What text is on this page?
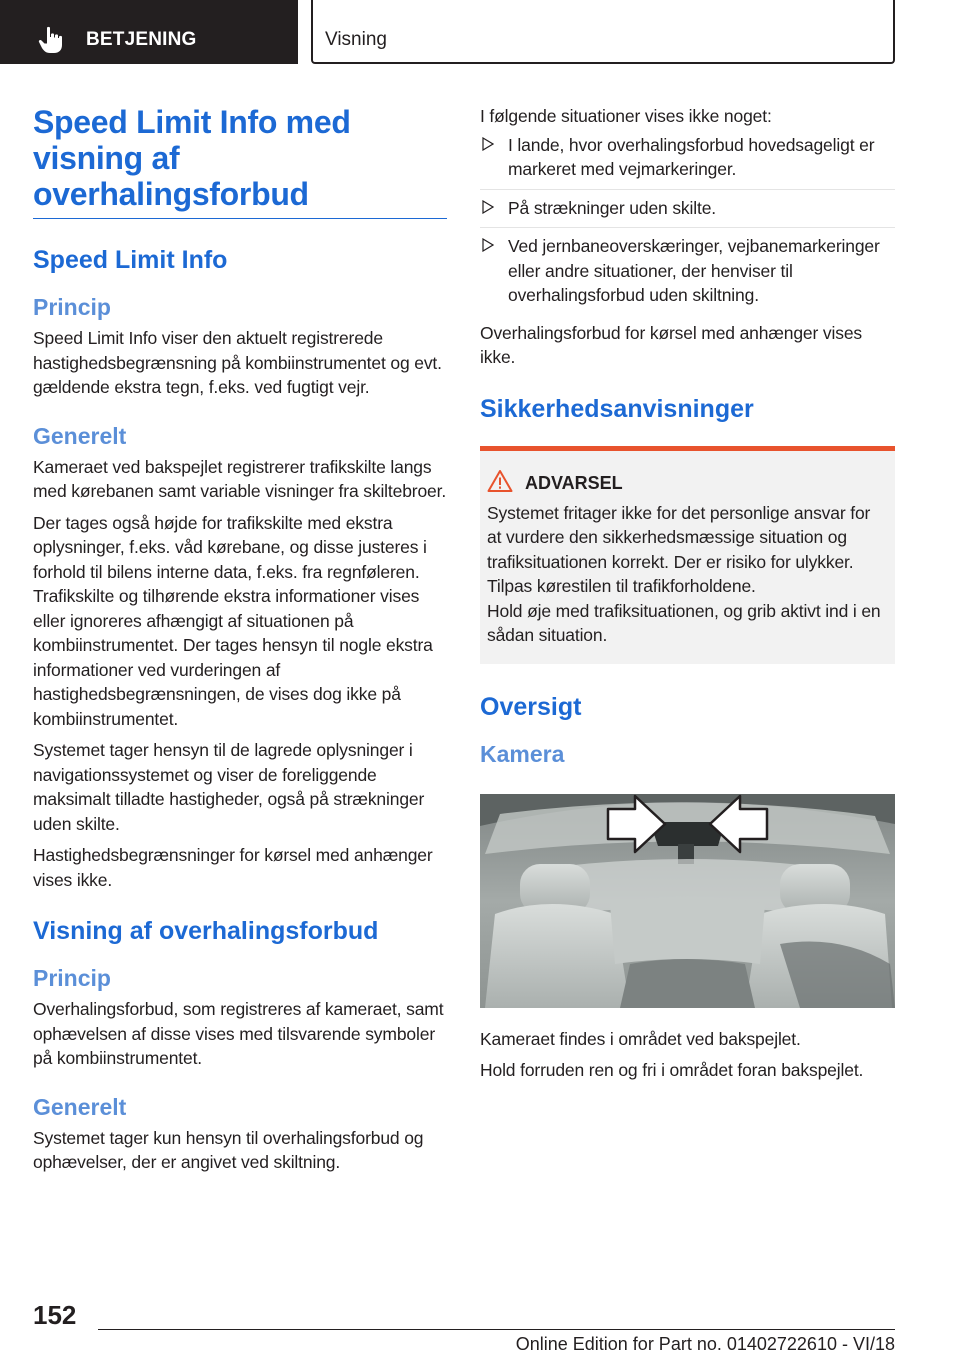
BETJENING	Visning
Speed Limit Info med visning af overhalingsforbud
Speed Limit Info
Princip

Speed Limit Info viser den aktuelt registrerede hastighedsbegrænsning på kombiinstrumentet og evt. gældende ekstra tegn, f.eks. ved fugtigt vejr.

Generelt

Kameraet ved bakspejlet registrerer trafikskilte langs med kørebanen samt variable visninger fra skiltebroer.

Der tages også højde for trafikskilte med ekstra oplysninger, f.eks. våd kørebane, og disse justeres i forhold til bilens interne data, f.eks. fra regnføleren. Trafikskilte og tilhørende ekstra informationer vises eller ignoreres afhængigt af situationen på kombiinstrumentet. Der tages hensyn til nogle ekstra informationer ved vurderingen af hastighedsbegrænsningen, de vises dog ikke på kombiinstrumentet.

Systemet tager hensyn til de lagrede oplysninger i navigationssystemet og viser de foreliggende maksimalt tilladte hastigheder, også på strækninger uden skilte.

Hastighedsbegrænsninger for kørsel med anhænger vises ikke.

Visning af overhalingsforbud
Princip

Overhalingsforbud, som registreres af kameraet, samt ophævelsen af disse vises med tilsvarende symboler på kombiinstrumentet.

Generelt

Systemet tager kun hensyn til overhalingsforbud og ophævelser, der er angivet ved skiltning.

I følgende situationer vises ikke noget:

I lande, hvor overhalingsforbud hovedsageligt er markeret med vejmarkeringer.
På strækninger uden skilte.
Ved jernbaneoverskæringer, vejbanemarkeringer eller andre situationer, der henviser til overhalingsforbud uden skiltning.

Overhalingsforbud for kørsel med anhænger vises ikke.

Sikkerhedsanvisninger
ADVARSEL

Systemet fritager ikke for det personlige ansvar for at vurdere den sikkerhedsmæssige situation og trafiksituationen korrekt. Der er risiko for ulykker. Tilpas kørestilen til trafikforholdene.

Hold øje med trafiksituationen, og grib aktivt ind i en sådan situation.

Oversigt
Kamera

Kameraet findes i området ved bakspejlet.

Hold forruden ren og fri i området foran bakspejlet.

152
Online Edition for Part no. 01402722610 - VI/18
